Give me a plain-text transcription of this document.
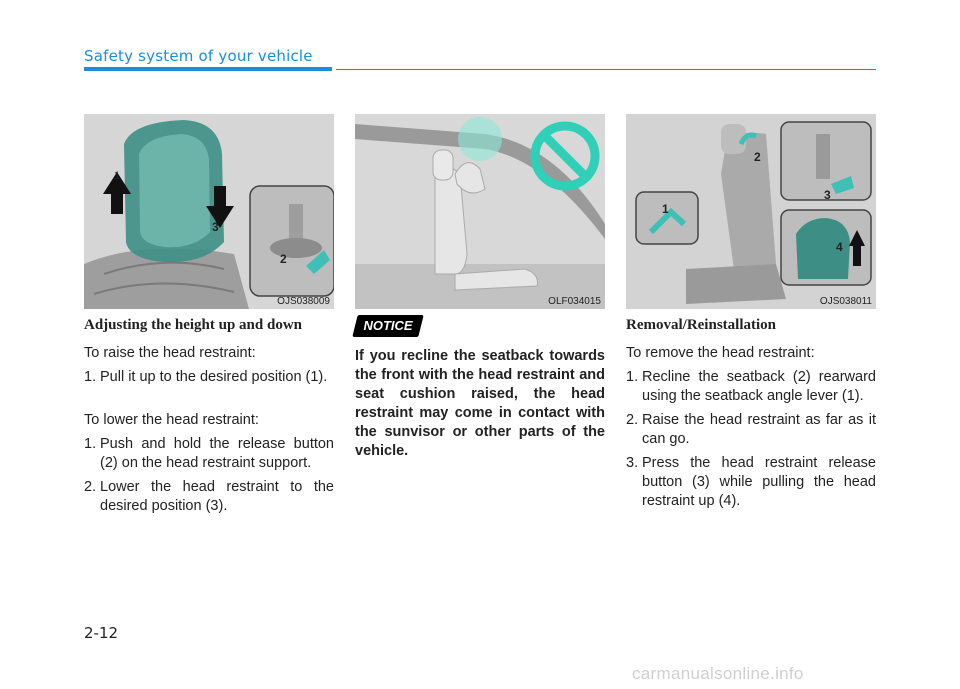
Safety system of your vehicle
1
2
3
OJS038009	OLF034015
1
2
3
4
OJS038011

Adjusting the height up and down

To raise the head restraint:

1. Pull it up to the desired position (1).

To lower the head restraint:

1. Push and hold the release button (2) on the head restraint support.

2. Lower the head restraint to the desired position (3).

NOTICE
If you recline the seatback towards the front with the head restraint and seat cushion raised, the head restraint may come in contact with the sunvisor or other parts of the vehicle.

Removal/Reinstallation

To remove the head restraint:

1. Recline the seatback (2) rearward using the seatback angle lever (1).

2. Raise the head restraint as far as it can go.

3. Press the head restraint release button (3) while pulling the head restraint up (4).

2-12
carmanualsonline.info
